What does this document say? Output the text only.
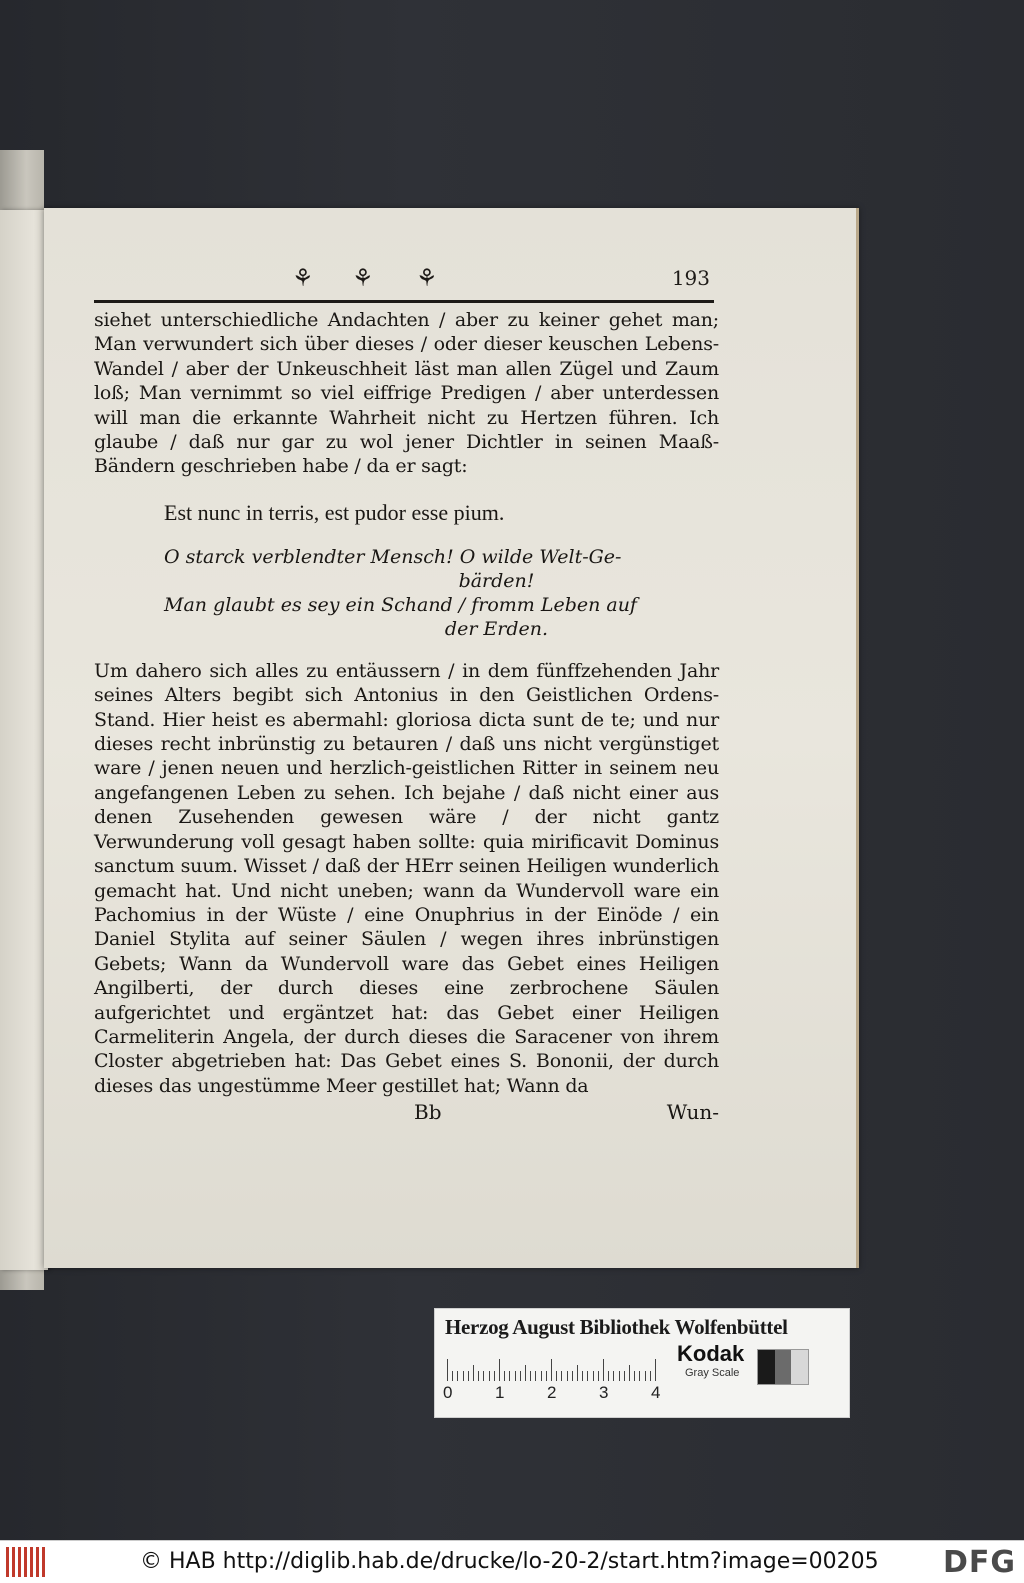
⚘ ⚘ ⚘	193

siehet unterschiedliche Andachten / aber zu keiner gehet man; Man verwundert sich über dieses / oder dieser keuschen Lebens-Wandel / aber der Unkeuschheit läst man allen Zügel und Zaum loß; Man vernimmt so viel eiffrige Predigen / aber unterdessen will man die erkannte Wahrheit nicht zu Hertzen führen. Ich glaube / daß nur gar zu wol jener Dichtler in seinen Maaß-Bändern geschrieben habe / da er sagt:

Est nunc in terris, est pudor esse pium.

O starck verblendter Mensch! O wilde Welt-Ge-
bärden!
Man glaubt es sey ein Schand / fromm Leben auf
der Erden.

Um dahero sich alles zu entäussern / in dem fünffzehenden Jahr seines Alters begibt sich Antonius in den Geistlichen Ordens-Stand. Hier heist es abermahl: gloriosa dicta sunt de te; und nur dieses recht inbrünstig zu betauren / daß uns nicht vergünstiget ware / jenen neuen und herzlich-geistlichen Ritter in seinem neu angefangenen Leben zu sehen. Ich bejahe / daß nicht einer aus denen Zusehenden gewesen wäre / der nicht gantz Verwunderung voll gesagt haben sollte: quia mirificavit Dominus sanctum suum. Wisset / daß der HErr seinen Heiligen wunderlich gemacht hat. Und nicht uneben; wann da Wundervoll ware ein Pachomius in der Wüste / eine Onuphrius in der Einöde / ein Daniel Stylita auf seiner Säulen / wegen ihres inbrünstigen Gebets; Wann da Wundervoll ware das Gebet eines Heiligen Angilberti, der durch dieses eine zerbrochene Säulen aufgerichtet und ergäntzet hat: das Gebet einer Heiligen Carmeliterin Angela, der durch dieses die Saracener von ihrem Closter abgetrieben hat: Das Gebet eines S. Bononii, der durch dieses das ungestümme Meer gestillet hat; Wann da

Bb	Wun-
Herzog August Bibliothek Wolfenbüttel
0	1	2	3	4
Kodak
Gray Scale
© HAB http://diglib.hab.de/drucke/lo-20-2/start.htm?image=00205 DFG
